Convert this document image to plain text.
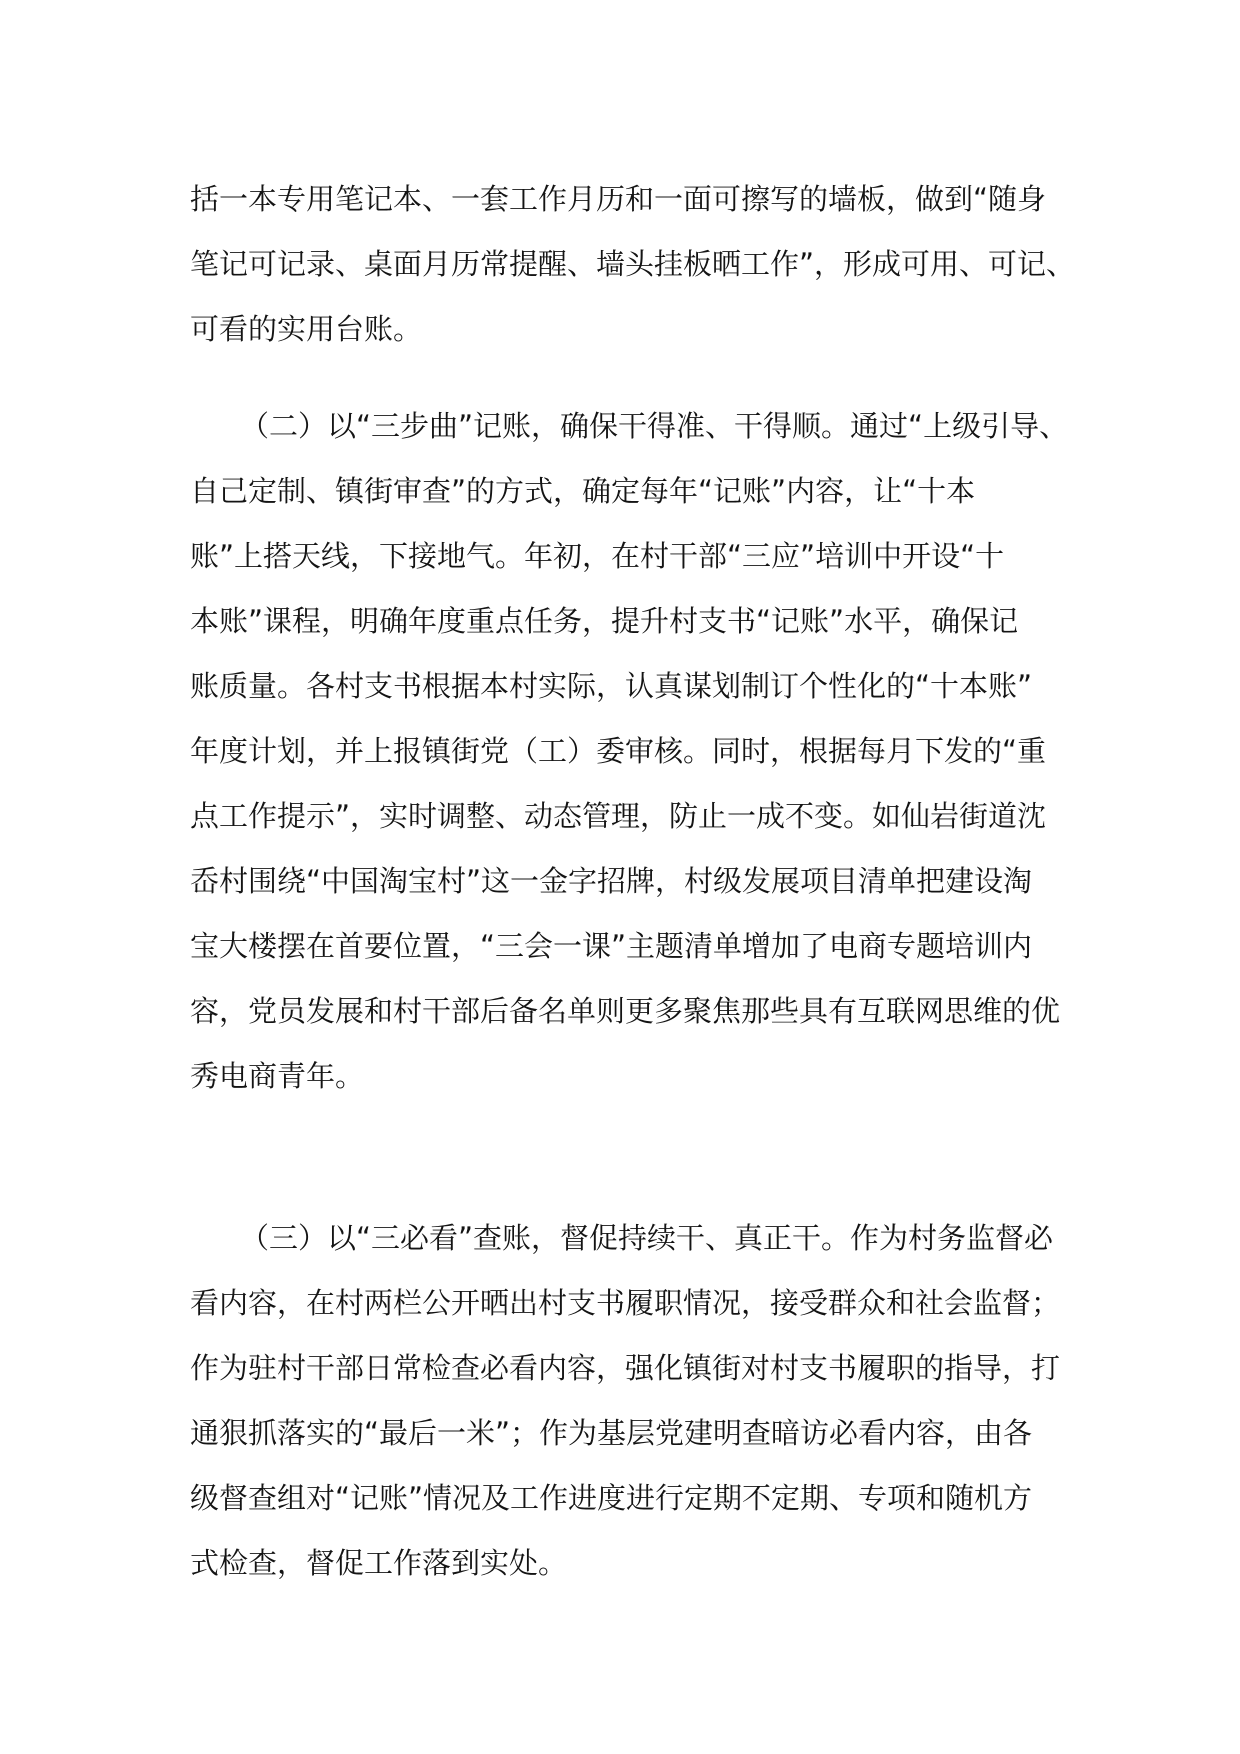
括一本专用笔记本、一套工作月历和一面可擦写的墙板，做到“随身
笔记可记录、桌面月历常提醒、墙头挂板晒工作”，形成可用、可记、
可看的实用台账。
（二）以“三步曲”记账，确保干得准、干得顺。通过“上级引导、
自己定制、镇街审查”的方式，确定每年“记账”内容，让“十本
账”上搭天线，下接地气。年初，在村干部“三应”培训中开设“十
本账”课程，明确年度重点任务，提升村支书“记账”水平，确保记
账质量。各村支书根据本村实际，认真谋划制订个性化的“十本账”
年度计划，并上报镇街党（工）委审核。同时，根据每月下发的“重
点工作提示”，实时调整、动态管理，防止一成不变。如仙岩街道沈
岙村围绕“中国淘宝村”这一金字招牌，村级发展项目清单把建设淘
宝大楼摆在首要位置，“三会一课”主题清单增加了电商专题培训内
容，党员发展和村干部后备名单则更多聚焦那些具有互联网思维的优
秀电商青年。
（三）以“三必看”查账，督促持续干、真正干。作为村务监督必
看内容，在村两栏公开晒出村支书履职情况，接受群众和社会监督；
作为驻村干部日常检查必看内容，强化镇街对村支书履职的指导，打
通狠抓落实的“最后一米”；作为基层党建明查暗访必看内容，由各
级督查组对“记账”情况及工作进度进行定期不定期、专项和随机方
式检查，督促工作落到实处。
